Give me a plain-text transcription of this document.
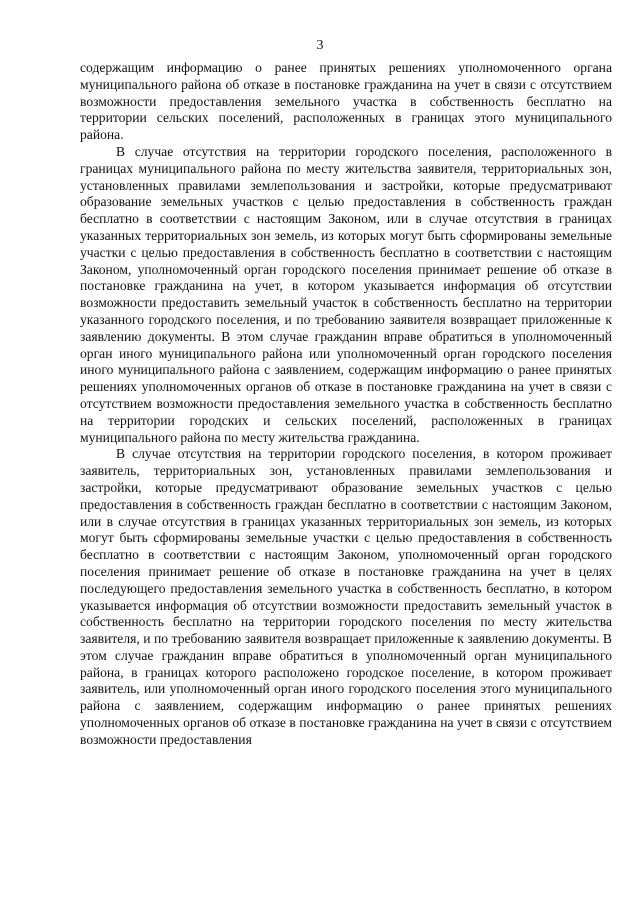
3

содержащим информацию о ранее принятых решениях уполномоченного органа муниципального района об отказе в постановке гражданина на учет в связи с отсутствием возможности предоставления земельного участка в собственность бесплатно на территории сельских поселений, расположенных в границах этого муниципального района.

В случае отсутствия на территории городского поселения, расположенного в границах муниципального района по месту жительства заявителя, территориальных зон, установленных правилами землепользования и застройки, которые предусматривают образование земельных участков с целью предоставления в собственность граждан бесплатно в соответствии с настоящим Законом, или в случае отсутствия в границах указанных территориальных зон земель, из которых могут быть сформированы земельные участки с целью предоставления в собственность бесплатно в соответствии с настоящим Законом, уполномоченный орган городского поселения принимает решение об отказе в постановке гражданина на учет, в котором указывается информация об отсутствии возможности предоставить земельный участок в собственность бесплатно на территории указанного городского поселения, и по требованию заявителя возвращает приложенные к заявлению документы. В этом случае гражданин вправе обратиться в уполномоченный орган иного муниципального района или уполномоченный орган городского поселения иного муниципального района с заявлением, содержащим информацию о ранее принятых решениях уполномоченных органов об отказе в постановке гражданина на учет в связи с отсутствием возможности предоставления земельного участка в собственность бесплатно на территории городских и сельских поселений, расположенных в границах муниципального района по месту жительства гражданина.

В случае отсутствия на территории городского поселения, в котором проживает заявитель, территориальных зон, установленных правилами землепользования и застройки, которые предусматривают образование земельных участков с целью предоставления в собственность граждан бесплатно в соответствии с настоящим Законом, или в случае отсутствия в границах указанных территориальных зон земель, из которых могут быть сформированы земельные участки с целью предоставления в собственность бесплатно в соответствии с настоящим Законом, уполномоченный орган городского поселения принимает решение об отказе в постановке гражданина на учет в целях последующего предоставления земельного участка в собственность бесплатно, в котором указывается информация об отсутствии возможности предоставить земельный участок в собственность бесплатно на территории городского поселения по месту жительства заявителя, и по требованию заявителя возвращает приложенные к заявлению документы. В этом случае гражданин вправе обратиться в уполномоченный орган муниципального района, в границах которого расположено городское поселение, в котором проживает заявитель, или уполномоченный орган иного городского поселения этого муниципального района с заявлением, содержащим информацию о ранее принятых решениях уполномоченных органов об отказе в постановке гражданина на учет в связи с отсутствием возможности предоставления
